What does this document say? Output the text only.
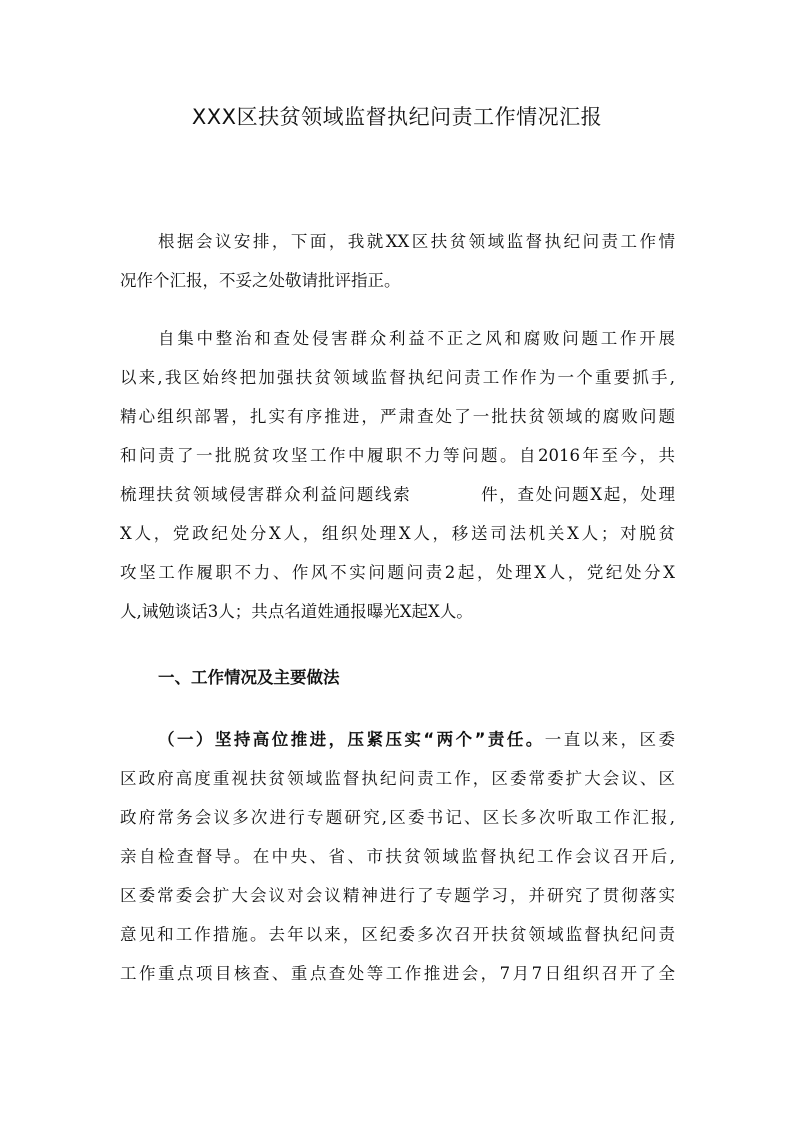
XXX区扶贫领域监督执纪问责工作情况汇报
根据会议安排，下面，我就XX区扶贫领域监督执纪问责工作情
况作个汇报，不妥之处敬请批评指正。
自集中整治和查处侵害群众利益不正之风和腐败问题工作开展
以来,我区始终把加强扶贫领域监督执纪问责工作作为一个重要抓手,
精心组织部署，扎实有序推进，严肃查处了一批扶贫领域的腐败问题
和问责了一批脱贫攻坚工作中履职不力等问题。自2016年至今，共
梳理扶贫领域侵害群众利益问题线索          件，查处问题X起，处理
X人，党政纪处分X人，组织处理X人，移送司法机关X人；对脱贫
攻坚工作履职不力、作风不实问题问责2起，处理X人，党纪处分X
人,诫勉谈话3人；共点名道姓通报曝光X起X人。
一、工作情况及主要做法
（一）坚持高位推进，压紧压实“两个”责任。一直以来，区委
区政府高度重视扶贫领域监督执纪问责工作，区委常委扩大会议、区
政府常务会议多次进行专题研究,区委书记、区长多次听取工作汇报,
亲自检查督导。在中央、省、市扶贫领域监督执纪工作会议召开后,
区委常委会扩大会议对会议精神进行了专题学习，并研究了贯彻落实
意见和工作措施。去年以来，区纪委多次召开扶贫领域监督执纪问责
工作重点项目核查、重点查处等工作推进会，7月7日组织召开了全
